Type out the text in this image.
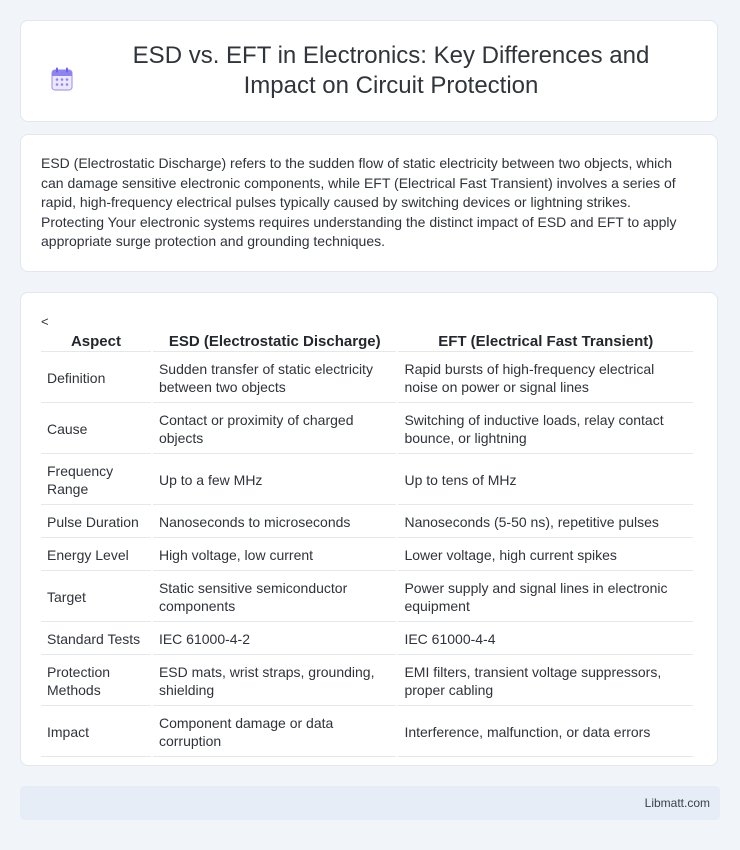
ESD vs. EFT in Electronics: Key Differences and Impact on Circuit Protection

ESD (Electrostatic Discharge) refers to the sudden flow of static electricity between two objects, which can damage sensitive electronic components, while EFT (Electrical Fast Transient) involves a series of rapid, high-frequency electrical pulses typically caused by switching devices or lightning strikes. Protecting Your electronic systems requires understanding the distinct impact of ESD and EFT to apply appropriate surge protection and grounding techniques.

<
Aspect	ESD (Electrostatic Discharge)	EFT (Electrical Fast Transient)
Definition	Sudden transfer of static electricity between two objects	Rapid bursts of high-frequency electrical noise on power or signal lines
Cause	Contact or proximity of charged objects	Switching of inductive loads, relay contact bounce, or lightning
Frequency Range	Up to a few MHz	Up to tens of MHz
Pulse Duration	Nanoseconds to microseconds	Nanoseconds (5-50 ns), repetitive pulses
Energy Level	High voltage, low current	Lower voltage, high current spikes
Target	Static sensitive semiconductor components	Power supply and signal lines in electronic equipment
Standard Tests	IEC 61000-4-2	IEC 61000-4-4
Protection Methods	ESD mats, wrist straps, grounding, shielding	EMI filters, transient voltage suppressors, proper cabling
Impact	Component damage or data corruption	Interference, malfunction, or data errors
Libmatt.com
